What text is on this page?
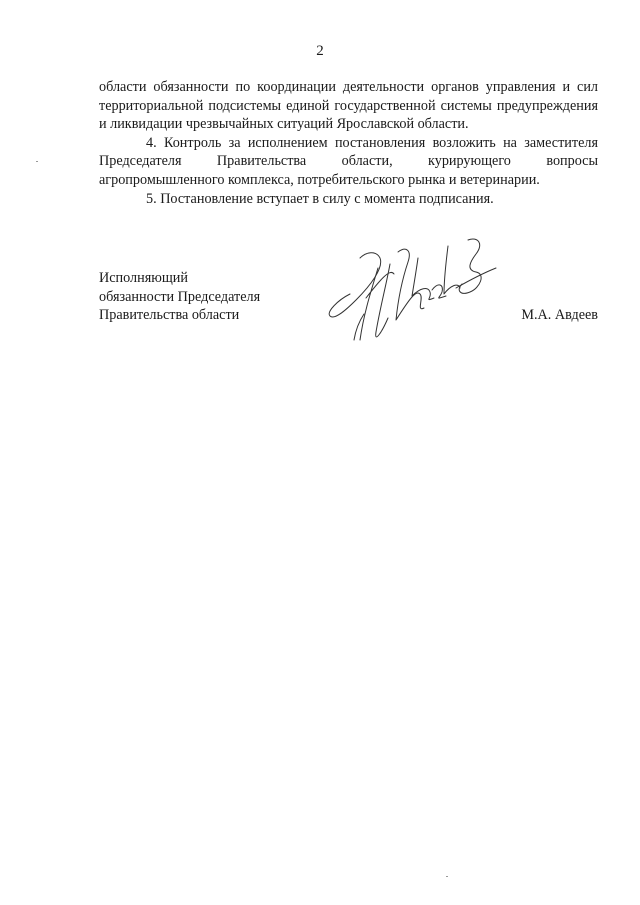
2

области обязанности по координации деятельности органов управления и сил территориальной подсистемы единой государственной системы предупреждения и ликвидации чрезвычайных ситуаций Ярославской области.

4. Контроль за исполнением постановления возложить на заместителя Председателя Правительства области, курирующего вопросы агропромышленного комплекса, потребительского рынка и ветеринарии.

5. Постановление вступает в силу с момента подписания.

Исполняющий
обязанности Председателя
Правительства области	М.А. Авдеев
